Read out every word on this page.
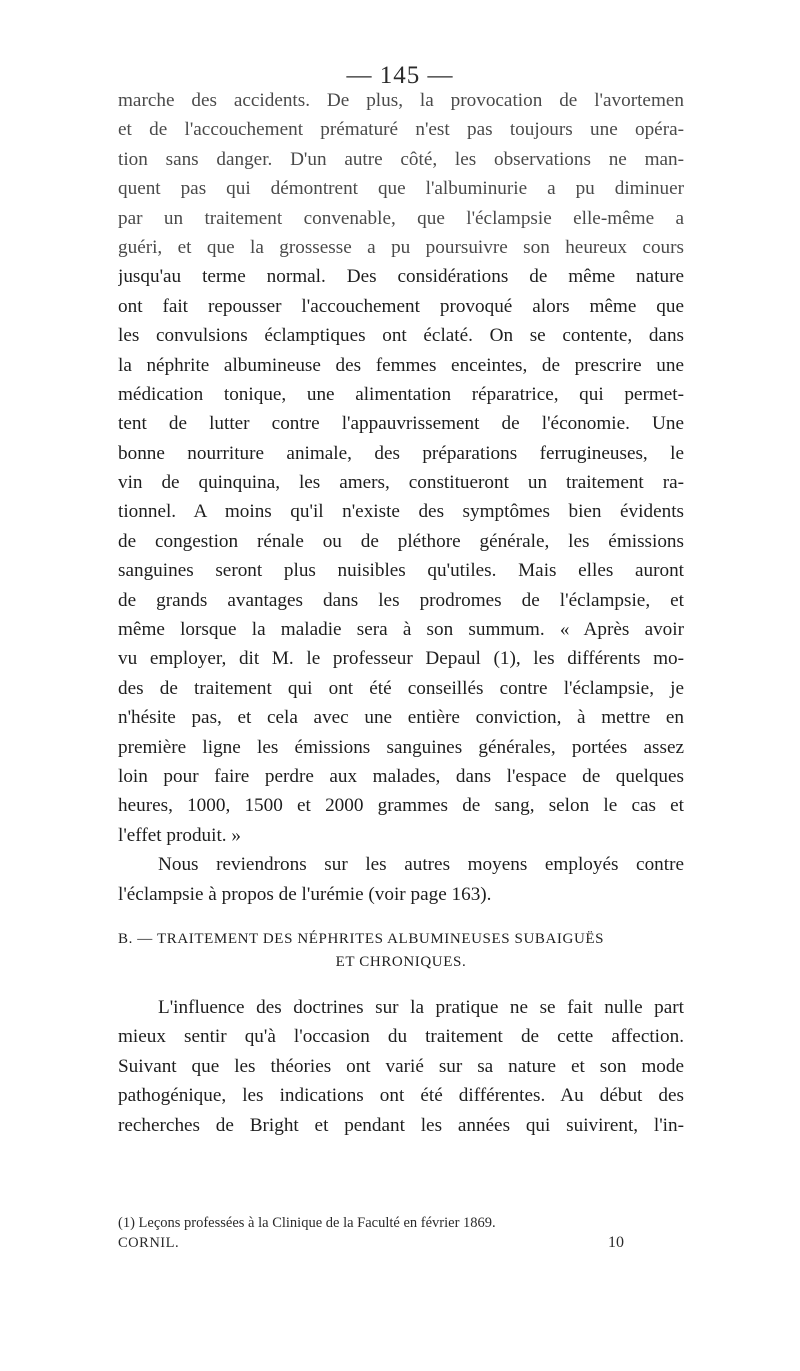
— 145 —
marche des accidents. De plus, la provocation de l'avortemen
et de l'accouchement prématuré n'est pas toujours une opéra-
tion sans danger. D'un autre côté, les observations ne man-
quent pas qui démontrent que l'albuminurie a pu diminuer
par un traitement convenable, que l'éclampsie elle-même a
guéri, et que la grossesse a pu poursuivre son heureux cours
jusqu'au terme normal. Des considérations de même nature
ont fait repousser l'accouchement provoqué alors même que
les convulsions éclamptiques ont éclaté. On se contente, dans
la néphrite albumineuse des femmes enceintes, de prescrire une
médication tonique, une alimentation réparatrice, qui permet-
tent de lutter contre l'appauvrissement de l'économie. Une
bonne nourriture animale, des préparations ferrugineuses, le
vin de quinquina, les amers, constitueront un traitement ra-
tionnel. A moins qu'il n'existe des symptômes bien évidents
de congestion rénale ou de pléthore générale, les émissions
sanguines seront plus nuisibles qu'utiles. Mais elles auront
de grands avantages dans les prodromes de l'éclampsie, et
même lorsque la maladie sera à son summum. « Après avoir
vu employer, dit M. le professeur Depaul (1), les différents mo-
des de traitement qui ont été conseillés contre l'éclampsie, je
n'hésite pas, et cela avec une entière conviction, à mettre en
première ligne les émissions sanguines générales, portées assez
loin pour faire perdre aux malades, dans l'espace de quelques
heures, 1000, 1500 et 2000 grammes de sang, selon le cas et
l'effet produit. »
Nous reviendrons sur les autres moyens employés contre
l'éclampsie à propos de l'urémie (voir page 163).
B. — TRAITEMENT DES NÉPHRITES ALBUMINEUSES SUBAIGUËS
ET CHRONIQUES.
L'influence des doctrines sur la pratique ne se fait nulle part
mieux sentir qu'à l'occasion du traitement de cette affection.
Suivant que les théories ont varié sur sa nature et son mode
pathogénique, les indications ont été différentes. Au début des
recherches de Bright et pendant les années qui suivirent, l'in-
(1) Leçons professées à la Clinique de la Faculté en février 1869.
CORNIL.	10
